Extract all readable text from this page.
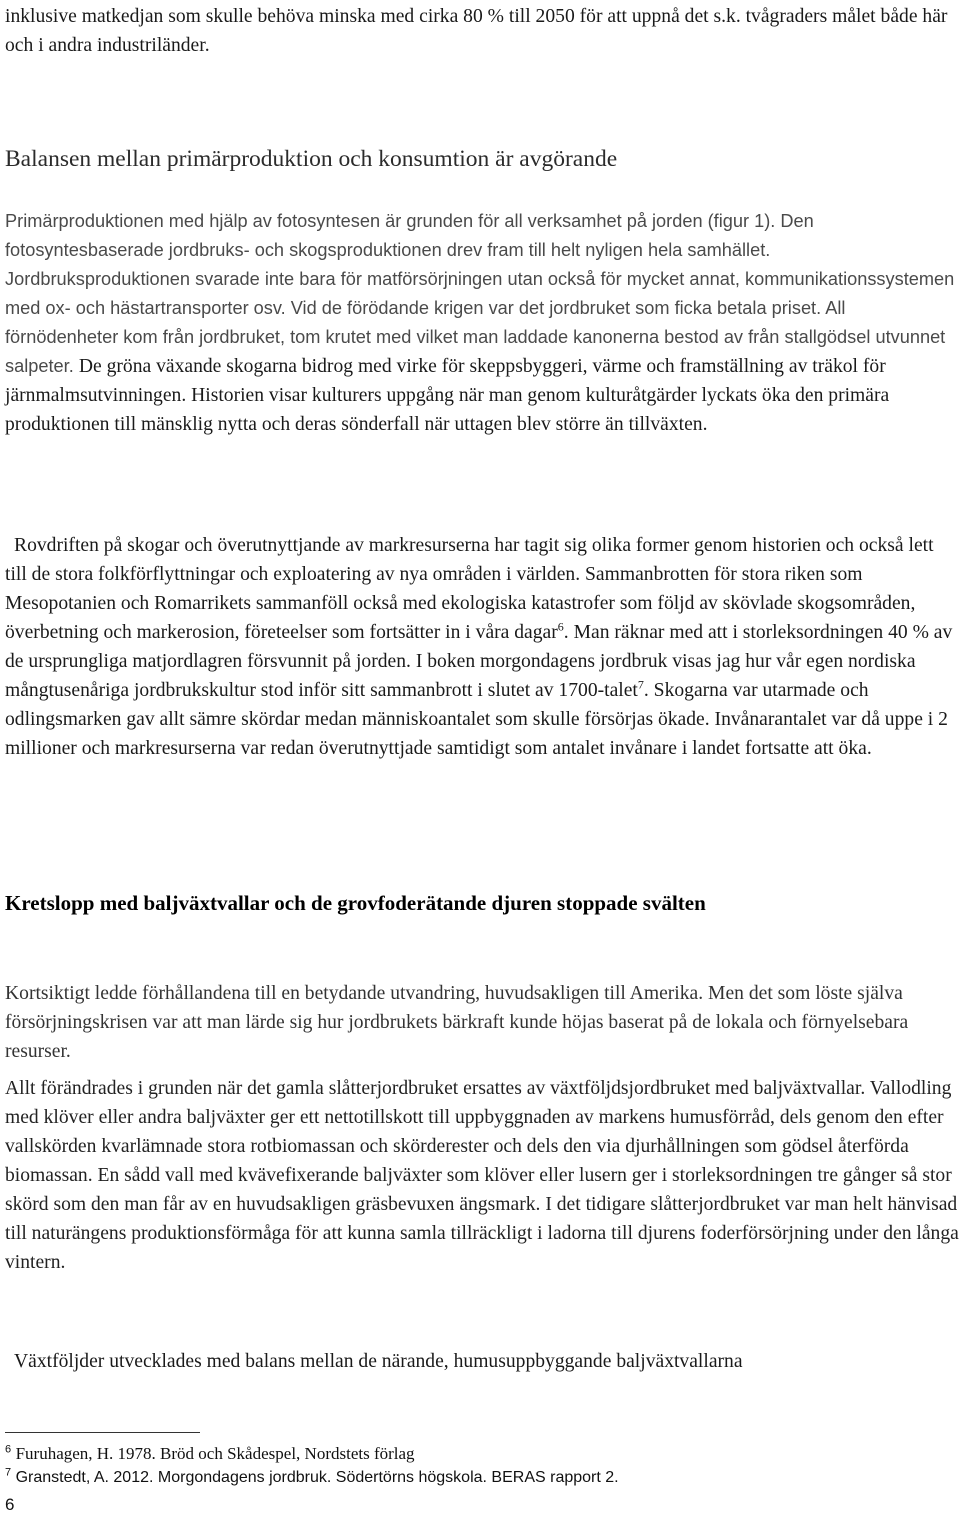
inklusive matkedjan som skulle behöva minska med cirka 80 % till 2050 för att uppnå det s.k. tvågraders målet både här och i andra industriländer.

Balansen mellan primärproduktion och konsumtion är avgörande

Primärproduktionen med hjälp av fotosyntesen är grunden för all verksamhet på jorden (figur 1). Den fotosyntesbaserade jordbruks- och skogsproduktionen drev fram till helt nyligen hela samhället. Jordbruksproduktionen svarade inte bara för matförsörjningen utan också för mycket annat, kommunikationssystemen med ox- och hästartransporter osv. Vid de förödande krigen var det jordbruket som ficka betala priset. All förnödenheter kom från jordbruket, tom krutet med vilket man laddade kanonerna bestod av från stallgödsel utvunnet salpeter. De gröna växande skogarna bidrog med virke för skeppsbyggeri, värme och framställning av träkol för järnmalmsutvinningen. Historien visar kulturers uppgång när man genom kulturåtgärder lyckats öka den primära produktionen till mänsklig nytta och deras sönderfall när uttagen blev större än tillväxten.

Rovdriften på skogar och överutnyttjande av markresurserna har tagit sig olika former genom historien och också lett till de stora folkförflyttningar och exploatering av nya områden i världen. Sammanbrotten för stora riken som Mesopotanien och Romarrikets sammanföll också med ekologiska katastrofer som följd av skövlade skogsområden, överbetning och markerosion, företeelser som fortsätter in i våra dagar$^6$. Man räknar med att i storleksordningen 40 % av de ursprungliga matjordlagren försvunnit på jorden. I boken morgondagens jordbruk visas jag hur vår egen nordiska mångtusenåriga jordbrukskultur stod inför sitt sammanbrott i slutet av 1700-talet$^7$. Skogarna var utarmade och odlingsmarken gav allt sämre skördar medan människoantalet som skulle försörjas ökade. Invånarantalet var då uppe i 2 millioner och markresurserna var redan överutnyttjade samtidigt som antalet invånare i landet fortsatte att öka.

Kretslopp med baljväxtvallar och de grovfoderätande djuren stoppade svälten

Kortsiktigt ledde förhållandena till en betydande utvandring, huvudsakligen till Amerika. Men det som löste själva försörjningskrisen var att man lärde sig hur jordbrukets bärkraft kunde höjas baserat på de lokala och förnyelsebara resurser.

Allt förändrades i grunden när det gamla slåtterjordbruket ersattes av växtföljdsjordbruket med baljväxtvallar. Vallodling med klöver eller andra baljväxter ger ett nettotillskott till uppbyggnaden av markens humusförråd, dels genom den efter vallskörden kvarlämnade stora rotbiomassan och skörderester och dels den via djurhållningen som gödsel återförda biomassan. En sådd vall med kvävefixerande baljväxter som klöver eller lusern ger i storleksordningen tre gånger så stor skörd som den man får av en huvudsakligen gräsbevuxen ängsmark. I det tidigare slåtterjordbruket var man helt hänvisad till naturängens produktionsförmåga för att kunna samla tillräckligt i ladorna till djurens foderförsörjning under den långa vintern.

Växtföljder utvecklades med balans mellan de närande, humusuppbyggande baljväxtvallarna

$^6$ Furuhagen, H. 1978. Bröd och Skådespel, Nordstets förlag
$^7$ Granstedt, A. 2012. Morgondagens jordbruk. Södertörns högskola. BERAS rapport 2.
6
